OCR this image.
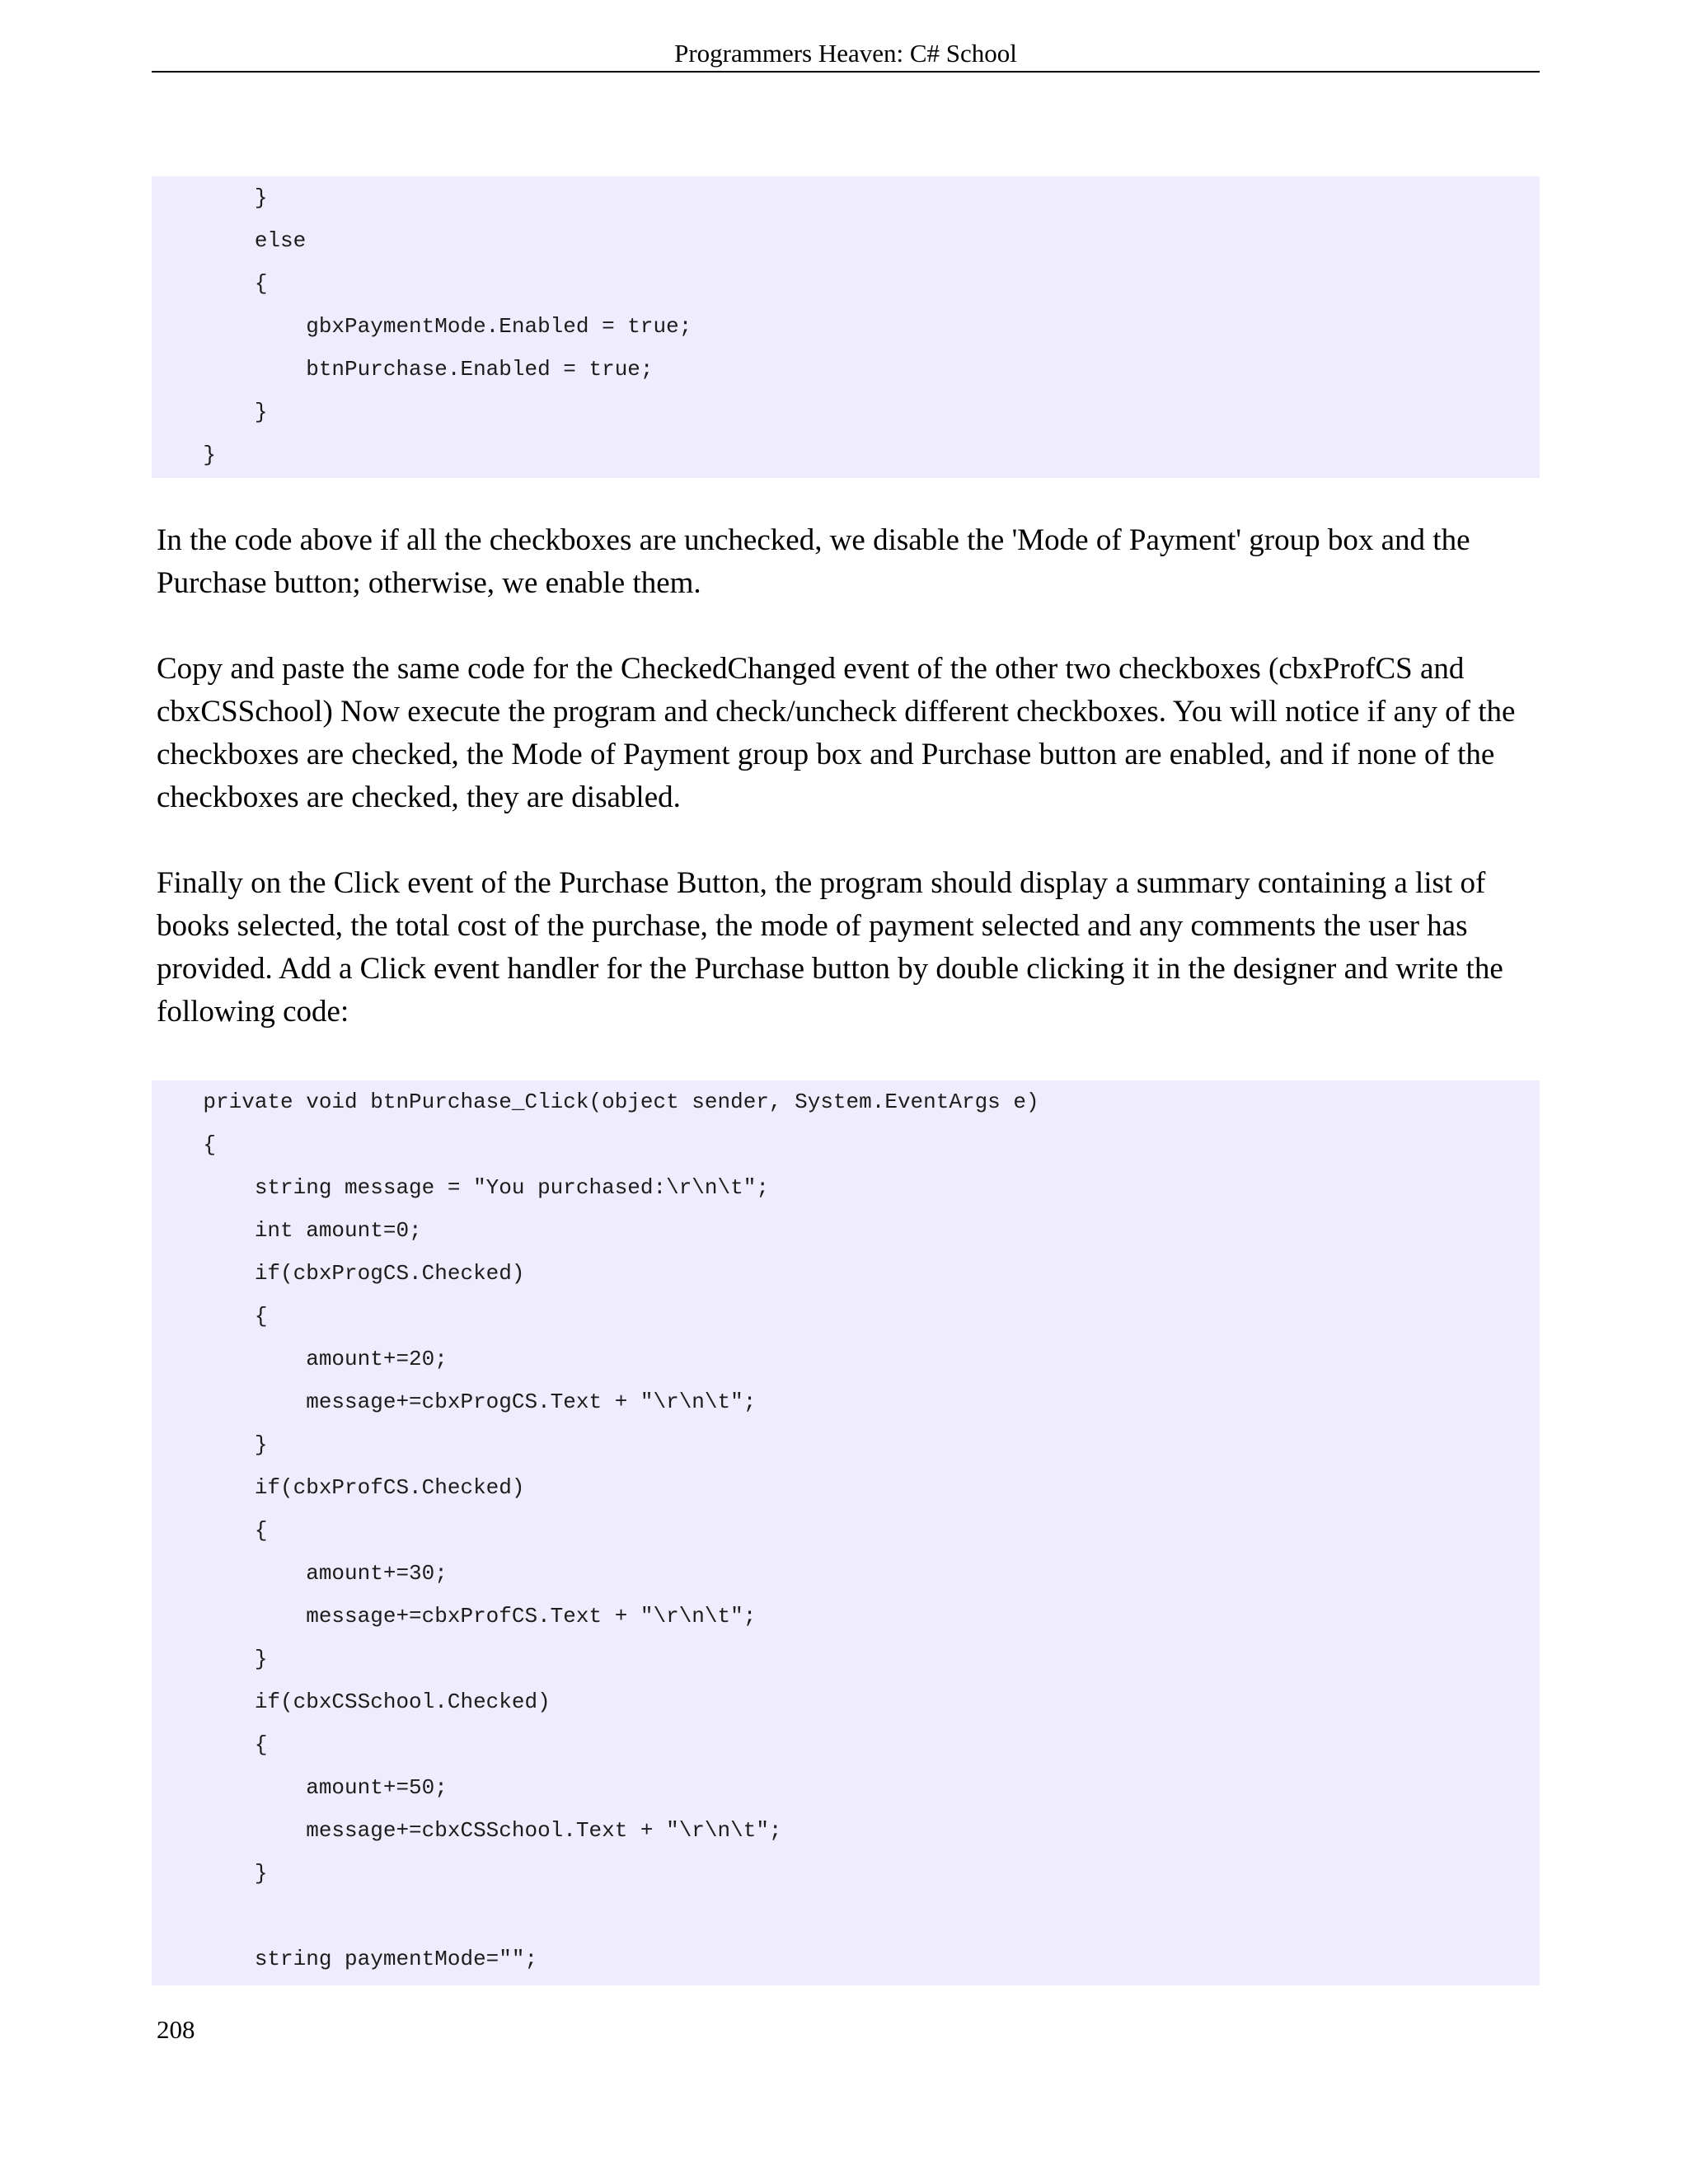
Programmers Heaven: C# School
}
else
{
gbxPaymentMode.Enabled = true;
btnPurchase.Enabled = true;
}
}

In the code above if all the checkboxes are unchecked, we disable the 'Mode of Payment' group box and the Purchase button; otherwise, we enable them.

Copy and paste the same code for the CheckedChanged event of the other two checkboxes (cbxProfCS and cbxCSSchool) Now execute the program and check/uncheck different checkboxes. You will notice if any of the checkboxes are checked, the Mode of Payment group box and Purchase button are enabled, and if none of the checkboxes are checked, they are disabled.

Finally on the Click event of the Purchase Button, the program should display a summary containing a list of books selected, the total cost of the purchase, the mode of payment selected and any comments the user has provided. Add a Click event handler for the Purchase button by double clicking it in the designer and write the following code:

private void btnPurchase_Click(object sender, System.EventArgs e)
{
string message = "You purchased:\r\n\t";
int amount=0;
if(cbxProgCS.Checked)
{
amount+=20;
message+=cbxProgCS.Text + "\r\n\t";
}
if(cbxProfCS.Checked)
{
amount+=30;
message+=cbxProfCS.Text + "\r\n\t";
}
if(cbxCSSchool.Checked)
{
amount+=50;
message+=cbxCSSchool.Text + "\r\n\t";
}
string paymentMode="";
208
